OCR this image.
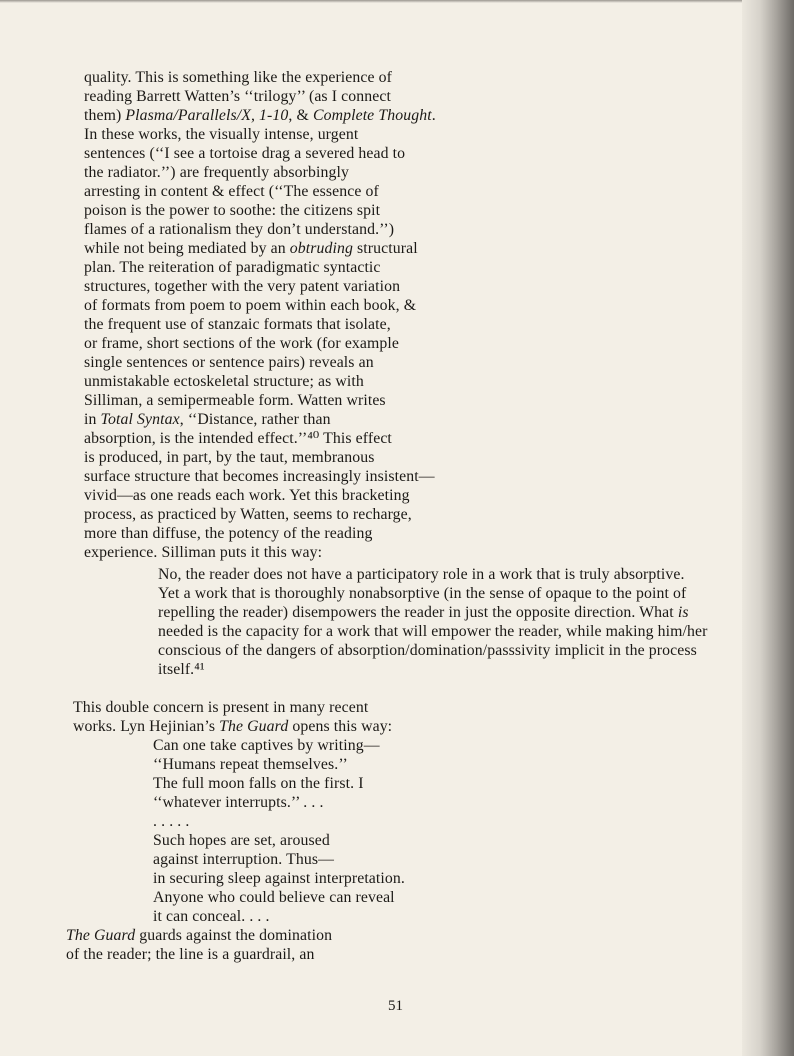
quality. This is something like the experience of
reading Barrett Watten’s ‘‘trilogy’’ (as I connect
them) Plasma/Parallels/X, 1-10, & Complete Thought.
In these works, the visually intense, urgent
sentences (‘‘I see a tortoise drag a severed head to
the radiator.’’) are frequently absorbingly
arresting in content & effect (‘‘The essence of
poison is the power to soothe: the citizens spit
flames of a rationalism they don’t understand.’’)
while not being mediated by an obtruding structural
plan. The reiteration of paradigmatic syntactic
structures, together with the very patent variation
of formats from poem to poem within each book, &
the frequent use of stanzaic formats that isolate,
or frame, short sections of the work (for example
single sentences or sentence pairs) reveals an
unmistakable ectoskeletal structure; as with
Silliman, a semipermeable form. Watten writes
in Total Syntax, ‘‘Distance, rather than
absorption, is the intended effect.’’⁴⁰ This effect
is produced, in part, by the taut, membranous
surface structure that becomes increasingly insistent—
vivid—as one reads each work. Yet this bracketing
process, as practiced by Watten, seems to recharge,
more than diffuse, the potency of the reading
experience. Silliman puts it this way:
No, the reader does not have a participatory role in a work that is truly absorptive.
Yet a work that is thoroughly nonabsorptive (in the sense of opaque to the point of
repelling the reader) disempowers the reader in just the opposite direction. What is
needed is the capacity for a work that will empower the reader, while making him/her
conscious of the dangers of absorption/domination/passsivity implicit in the process
itself.⁴¹
This double concern is present in many recent
works. Lyn Hejinian’s The Guard opens this way:
Can one take captives by writing—
‘‘Humans repeat themselves.’’
The full moon falls on the first. I
‘‘whatever interrupts.’’ . . .
. . . . .
Such hopes are set, aroused
against interruption. Thus—
in securing sleep against interpretation.
Anyone who could believe can reveal
it can conceal. . . .
The Guard guards against the domination
of the reader; the line is a guardrail, an
51
